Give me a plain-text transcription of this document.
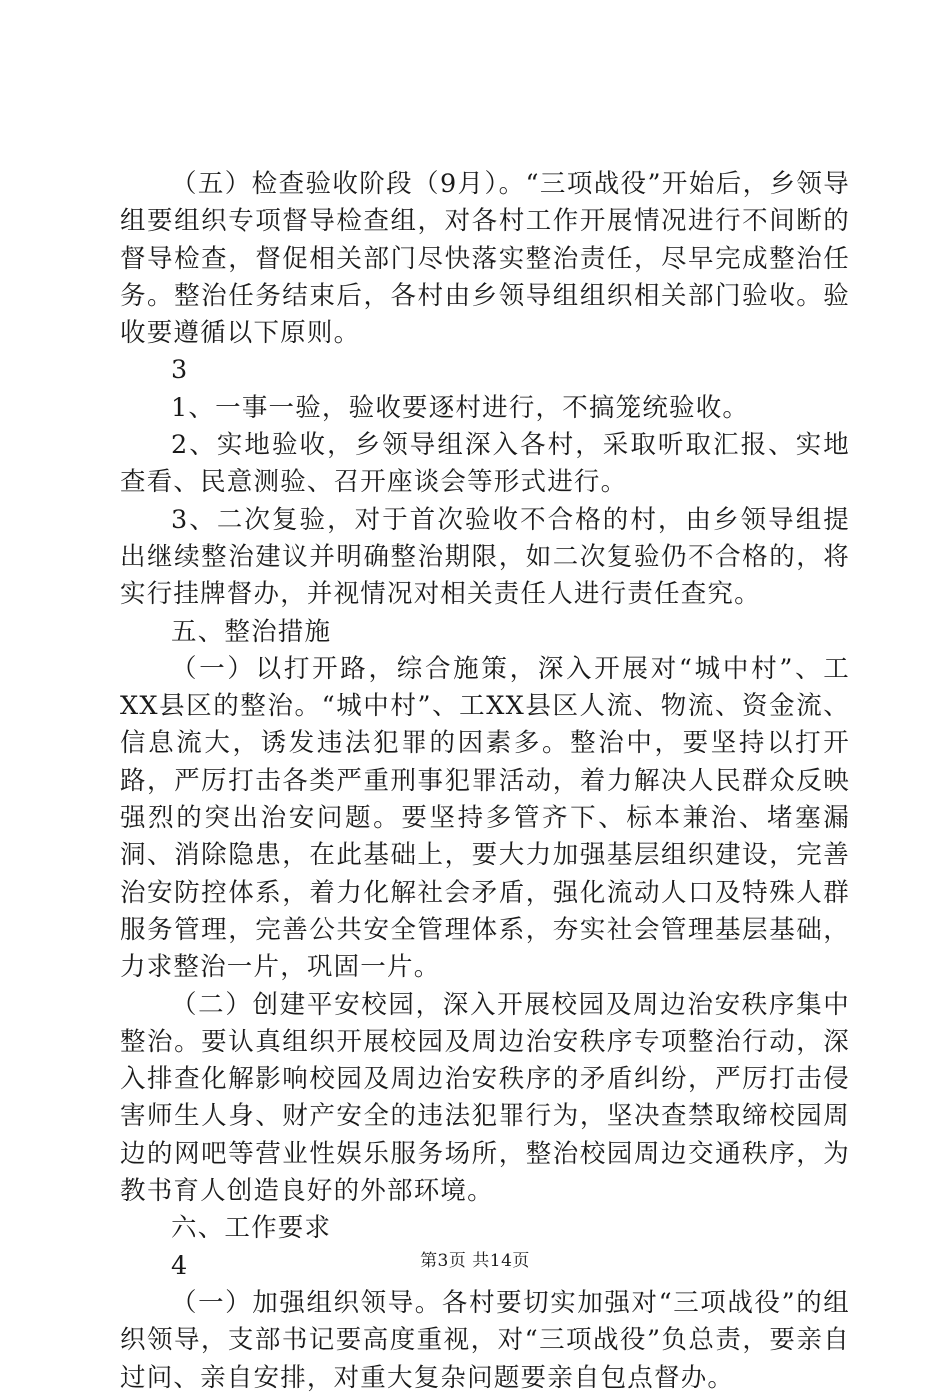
（五）检查验收阶段（9月）。“三项战役”开始后，乡领导组要组织专项督导检查组，对各村工作开展情况进行不间断的督导检查，督促相关部门尽快落实整治责任，尽早完成整治任务。整治任务结束后，各村由乡领导组组织相关部门验收。验收要遵循以下原则。

3

1、一事一验，验收要逐村进行，不搞笼统验收。

2、实地验收，乡领导组深入各村，采取听取汇报、实地查看、民意测验、召开座谈会等形式进行。

3、二次复验，对于首次验收不合格的村，由乡领导组提出继续整治建议并明确整治期限，如二次复验仍不合格的，将实行挂牌督办，并视情况对相关责任人进行责任查究。

五、整治措施

（一）以打开路，综合施策，深入开展对“城中村”、工XX县区的整治。“城中村”、工XX县区人流、物流、资金流、信息流大，诱发违法犯罪的因素多。整治中，要坚持以打开路，严厉打击各类严重刑事犯罪活动，着力解决人民群众反映强烈的突出治安问题。要坚持多管齐下、标本兼治、堵塞漏洞、消除隐患，在此基础上，要大力加强基层组织建设，完善治安防控体系，着力化解社会矛盾，强化流动人口及特殊人群服务管理，完善公共安全管理体系，夯实社会管理基层基础，力求整治一片，巩固一片。

（二）创建平安校园，深入开展校园及周边治安秩序集中整治。要认真组织开展校园及周边治安秩序专项整治行动，深入排查化解影响校园及周边治安秩序的矛盾纠纷，严厉打击侵害师生人身、财产安全的违法犯罪行为，坚决查禁取缔校园周边的网吧等营业性娱乐服务场所，整治校园周边交通秩序，为教书育人创造良好的外部环境。

六、工作要求

4

（一）加强组织领导。各村要切实加强对“三项战役”的组织领导，支部书记要高度重视，对“三项战役”负总责，要亲自过问、亲自安排，对重大复杂问题要亲自包点督办。

第3页 共14页
